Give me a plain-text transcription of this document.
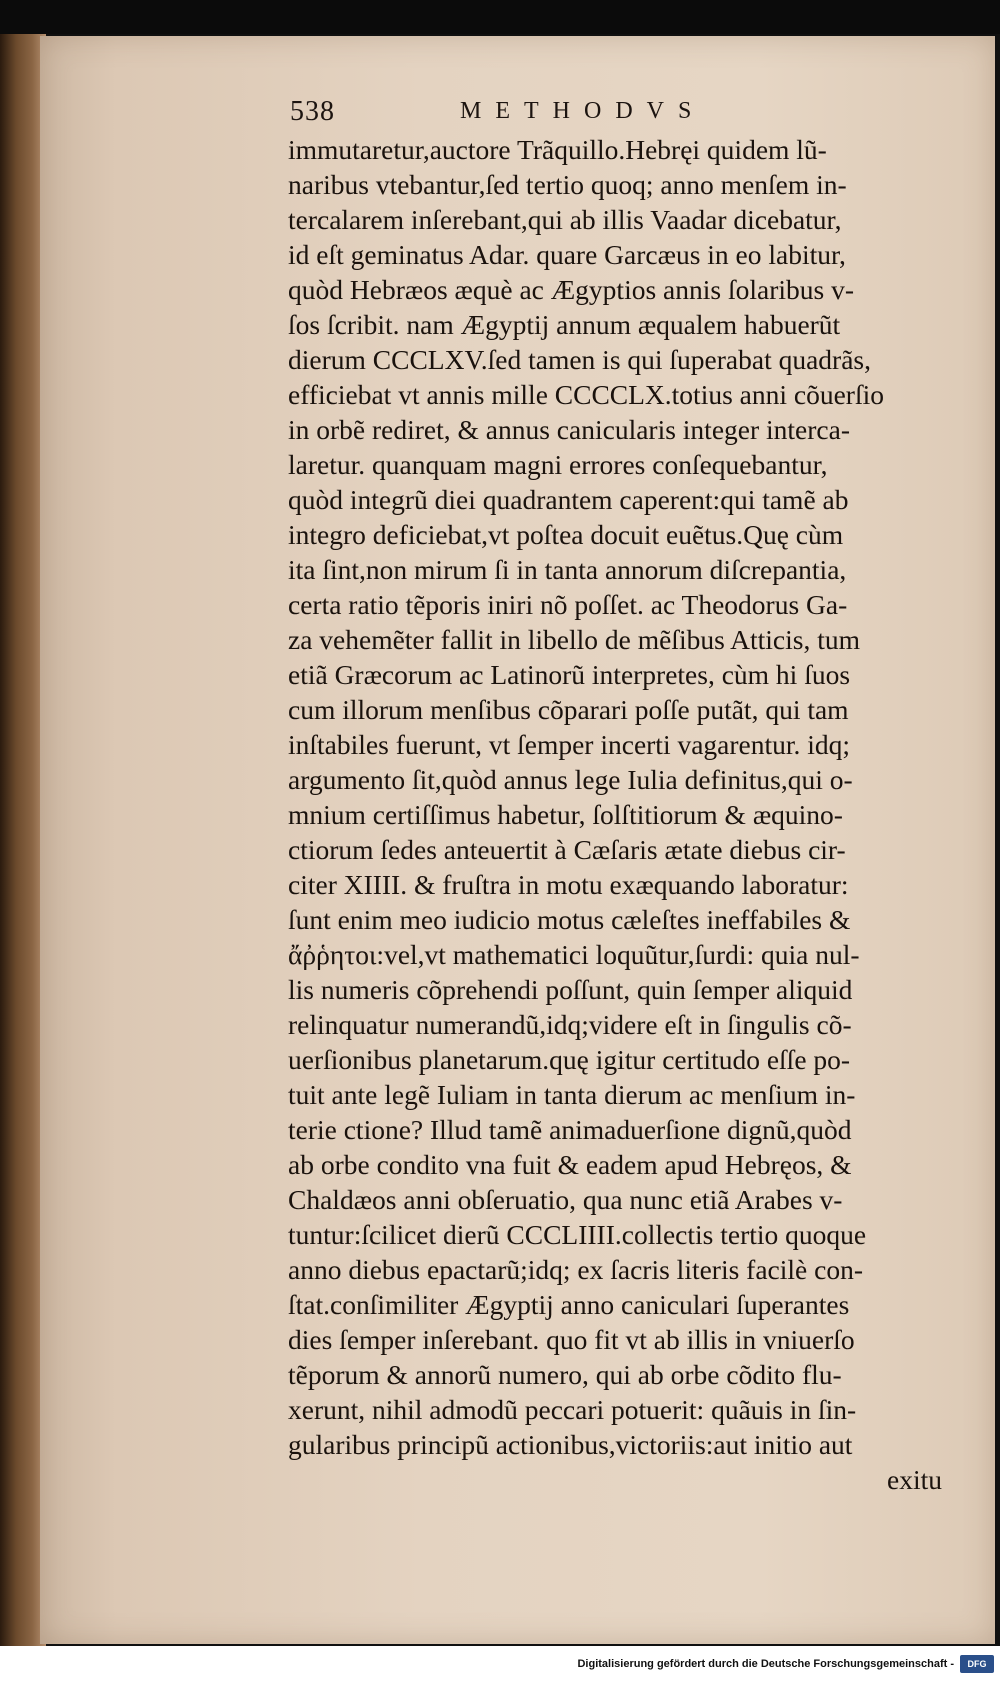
538	METHODVS
immutaretur,auctore Trãquillo.Hebręi quidem lũ-
naribus vtebantur,ſed tertio quoq; anno menſem in-
tercalarem inſerebant,qui ab illis Vaadar dicebatur,
id eſt geminatus Adar. quare Garcæus in eo labitur,
quòd Hebræos æquè ac Ægyptios annis ſolaribus v-
ſos ſcribit. nam Ægyptij annum æqualem habuerũt
dierum CCCLXV.ſed tamen is qui ſuperabat quadrãs,
efficiebat vt annis mille CCCCLX.totius anni cõuerſio
in orbẽ rediret, & annus canicularis integer interca-
laretur. quanquam magni errores conſequebantur,
quòd integrũ diei quadrantem caperent:qui tamẽ ab
integro deficiebat,vt poſtea docuit euẽtus.Quę cùm
ita ſint,non mirum ſi in tanta annorum diſcrepantia,
certa ratio tẽporis iniri nõ poſſet. ac Theodorus Ga-
za vehemẽter fallit in libello de mẽſibus Atticis, tum
etiã Græcorum ac Latinorũ interpretes, cùm hi ſuos
cum illorum menſibus cõparari poſſe putãt, qui tam
inſtabiles fuerunt, vt ſemper incerti vagarentur. idq;
argumento ſit,quòd annus lege Iulia definitus,qui o-
mnium certiſſimus habetur, ſolſtitiorum & æquino-
ctiorum ſedes anteuertit à Cæſaris ætate diebus cir-
citer XIIII. & fruſtra in motu exæquando laboratur:
ſunt enim meo iudicio motus cæleſtes ineffabiles &
ἄῤῥητοι:vel,vt mathematici loquũtur,ſurdi: quia nul-
lis numeris cõprehendi poſſunt, quin ſemper aliquid
relinquatur numerandũ,idq;videre eſt in ſingulis cõ-
uerſionibus planetarum.quę igitur certitudo eſſe po-
tuit ante legẽ Iuliam in tanta dierum ac menſium in-
terie ctione? Illud tamẽ animaduerſione dignũ,quòd
ab orbe condito vna fuit & eadem apud Hebręos, &
Chaldæos anni obſeruatio, qua nunc etiã Arabes v-
tuntur:ſcilicet dierũ CCCLIIII.collectis tertio quoque
anno diebus epactarũ;idq; ex ſacris literis facilè con-
ſtat.conſimiliter Ægyptij anno caniculari ſuperantes
dies ſemper inſerebant. quo fit vt ab illis in vniuerſo
tẽporum & annorũ numero, qui ab orbe cõdito flu-
xerunt, nihil admodũ peccari potuerit: quãuis in ſin-
gularibus principũ actionibus,victoriis:aut initio aut
exitu
Digitalisierung gefördert durch die Deutsche Forschungsgemeinschaft -	DFG
